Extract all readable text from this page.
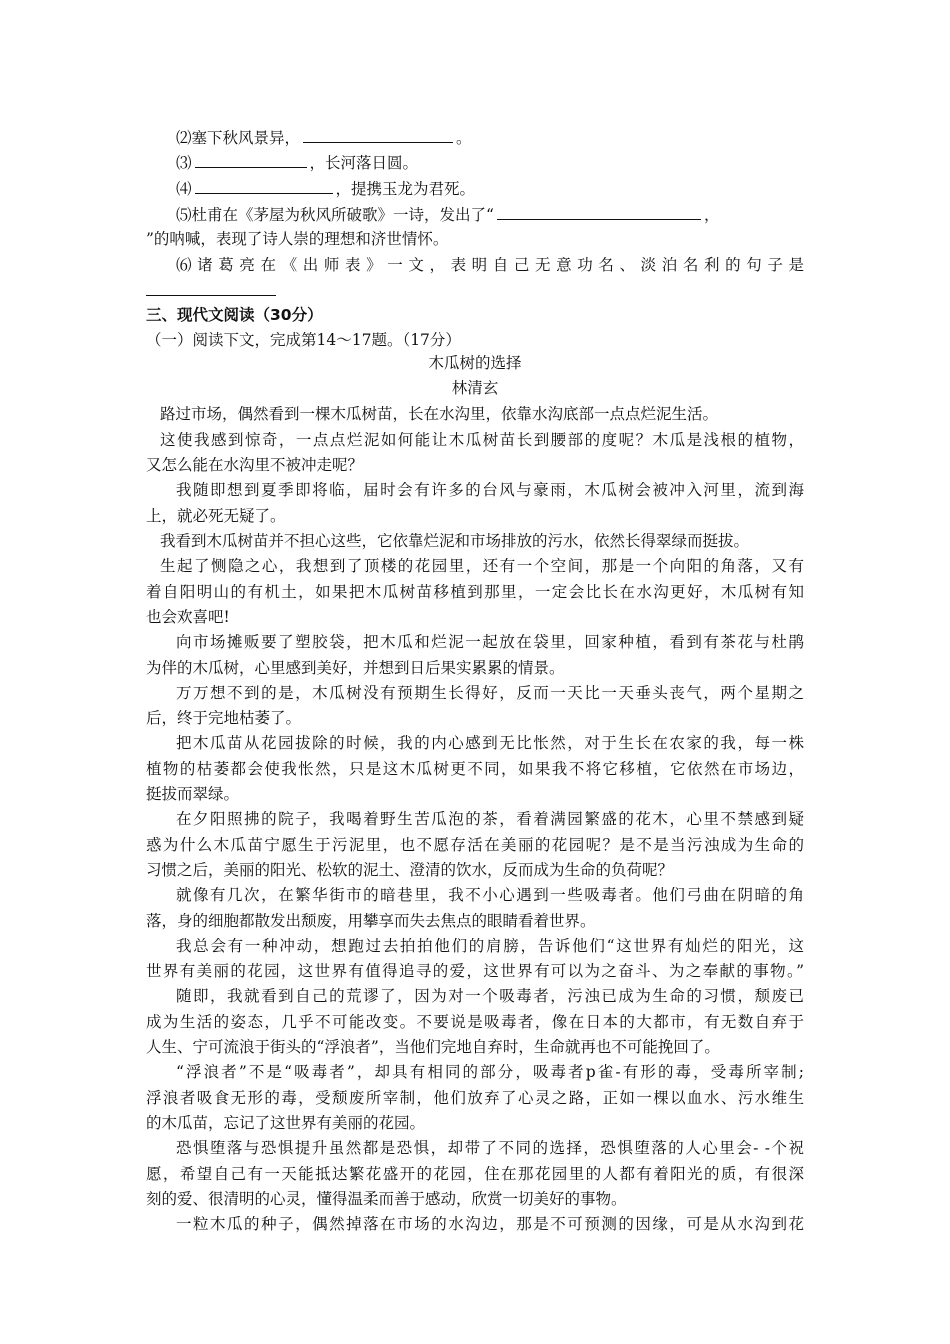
⑵塞下秋风景异，	。
⑶	，长河落日圆。
⑷	，提携玉龙为君死。
⑸杜甫在《茅屋为秋风所破歌》一诗，发出了“	，
”的呐喊，表现了诗人崇的理想和济世情怀。
⑹诸葛亮在《出师表》一文，表明自己无意功名、淡泊名利的句子是
三、现代文阅读（30分）
（一）阅读下文，完成第14～17题。（17分）
木瓜树的选择
林清玄
路过市场，偶然看到一棵木瓜树苗，长在水沟里，依靠水沟底部一点点烂泥生活。
这使我感到惊奇，一点点烂泥如何能让木瓜树苗长到腰部的度呢？木瓜是浅根的植物，
又怎么能在水沟里不被冲走呢？
我随即想到夏季即将临，届时会有许多的台风与豪雨，木瓜树会被冲入河里，流到海
上，就必死无疑了。
我看到木瓜树苗并不担心这些，它依靠烂泥和市场排放的污水，依然长得翠绿而挺拔。
生起了恻隐之心，我想到了顶楼的花园里，还有一个空间，那是一个向阳的角落，又有
着自阳明山的有机土，如果把木瓜树苗移植到那里，一定会比长在水沟更好，木瓜树有知
也会欢喜吧!
向市场摊贩要了塑胶袋，把木瓜和烂泥一起放在袋里，回家种植，看到有茶花与杜鹃
为伴的木瓜树，心里感到美好，并想到日后果实累累的情景。
万万想不到的是，木瓜树没有预期生长得好，反而一天比一天垂头丧气，两个星期之
后，终于完地枯萎了。
把木瓜苗从花园拔除的时候，我的内心感到无比怅然，对于生长在农家的我，每一株
植物的枯萎都会使我怅然，只是这木瓜树更不同，如果我不将它移植，它依然在市场边，
挺拔而翠绿。
在夕阳照拂的院子，我喝着野生苦瓜泡的茶，看着满园繁盛的花木，心里不禁感到疑
惑为什么木瓜苗宁愿生于污泥里，也不愿存活在美丽的花园呢？是不是当污浊成为生命的
习惯之后，美丽的阳光、松软的泥土、澄清的饮水，反而成为生命的负荷呢？
就像有几次，在繁华街市的暗巷里，我不小心遇到一些吸毒者。他们弓曲在阴暗的角
落，身的细胞都散发出颓废，用攀享而失去焦点的眼睛看着世界。
我总会有一种冲动，想跑过去拍拍他们的肩膀，告诉他们“这世界有灿烂的阳光，这
世界有美丽的花园，这世界有值得追寻的爱，这世界有可以为之奋斗、为之奉献的事物。”
随即，我就看到自己的荒谬了，因为对一个吸毒者，污浊已成为生命的习惯，颓废已
成为生活的姿态，几乎不可能改变。不要说是吸毒者，像在日本的大都市，有无数自弃于
人生、宁可流浪于街头的“浮浪者”，当他们完地自弃时，生命就再也不可能挽回了。
“浮浪者”不是“吸毒者”，却具有相同的部分，吸毒者p雀-有形的毒，受毒所宰制;
浮浪者吸食无形的毒，受颓废所宰制，他们放弃了心灵之路，正如一棵以血水、污水维生
的木瓜苗，忘记了这世界有美丽的花园。
恐惧堕落与恐惧提升虽然都是恐惧，却带了不同的选择，恐惧堕落的人心里会- -个祝
愿，希望自己有一天能抵达繁花盛开的花园，住在那花园里的人都有着阳光的质，有很深
刻的爱、很清明的心灵，懂得温柔而善于感动，欣赏一切美好的事物。
一粒木瓜的种子，偶然掉落在市场的水沟边，那是不可预测的因缘，可是从水沟到花
